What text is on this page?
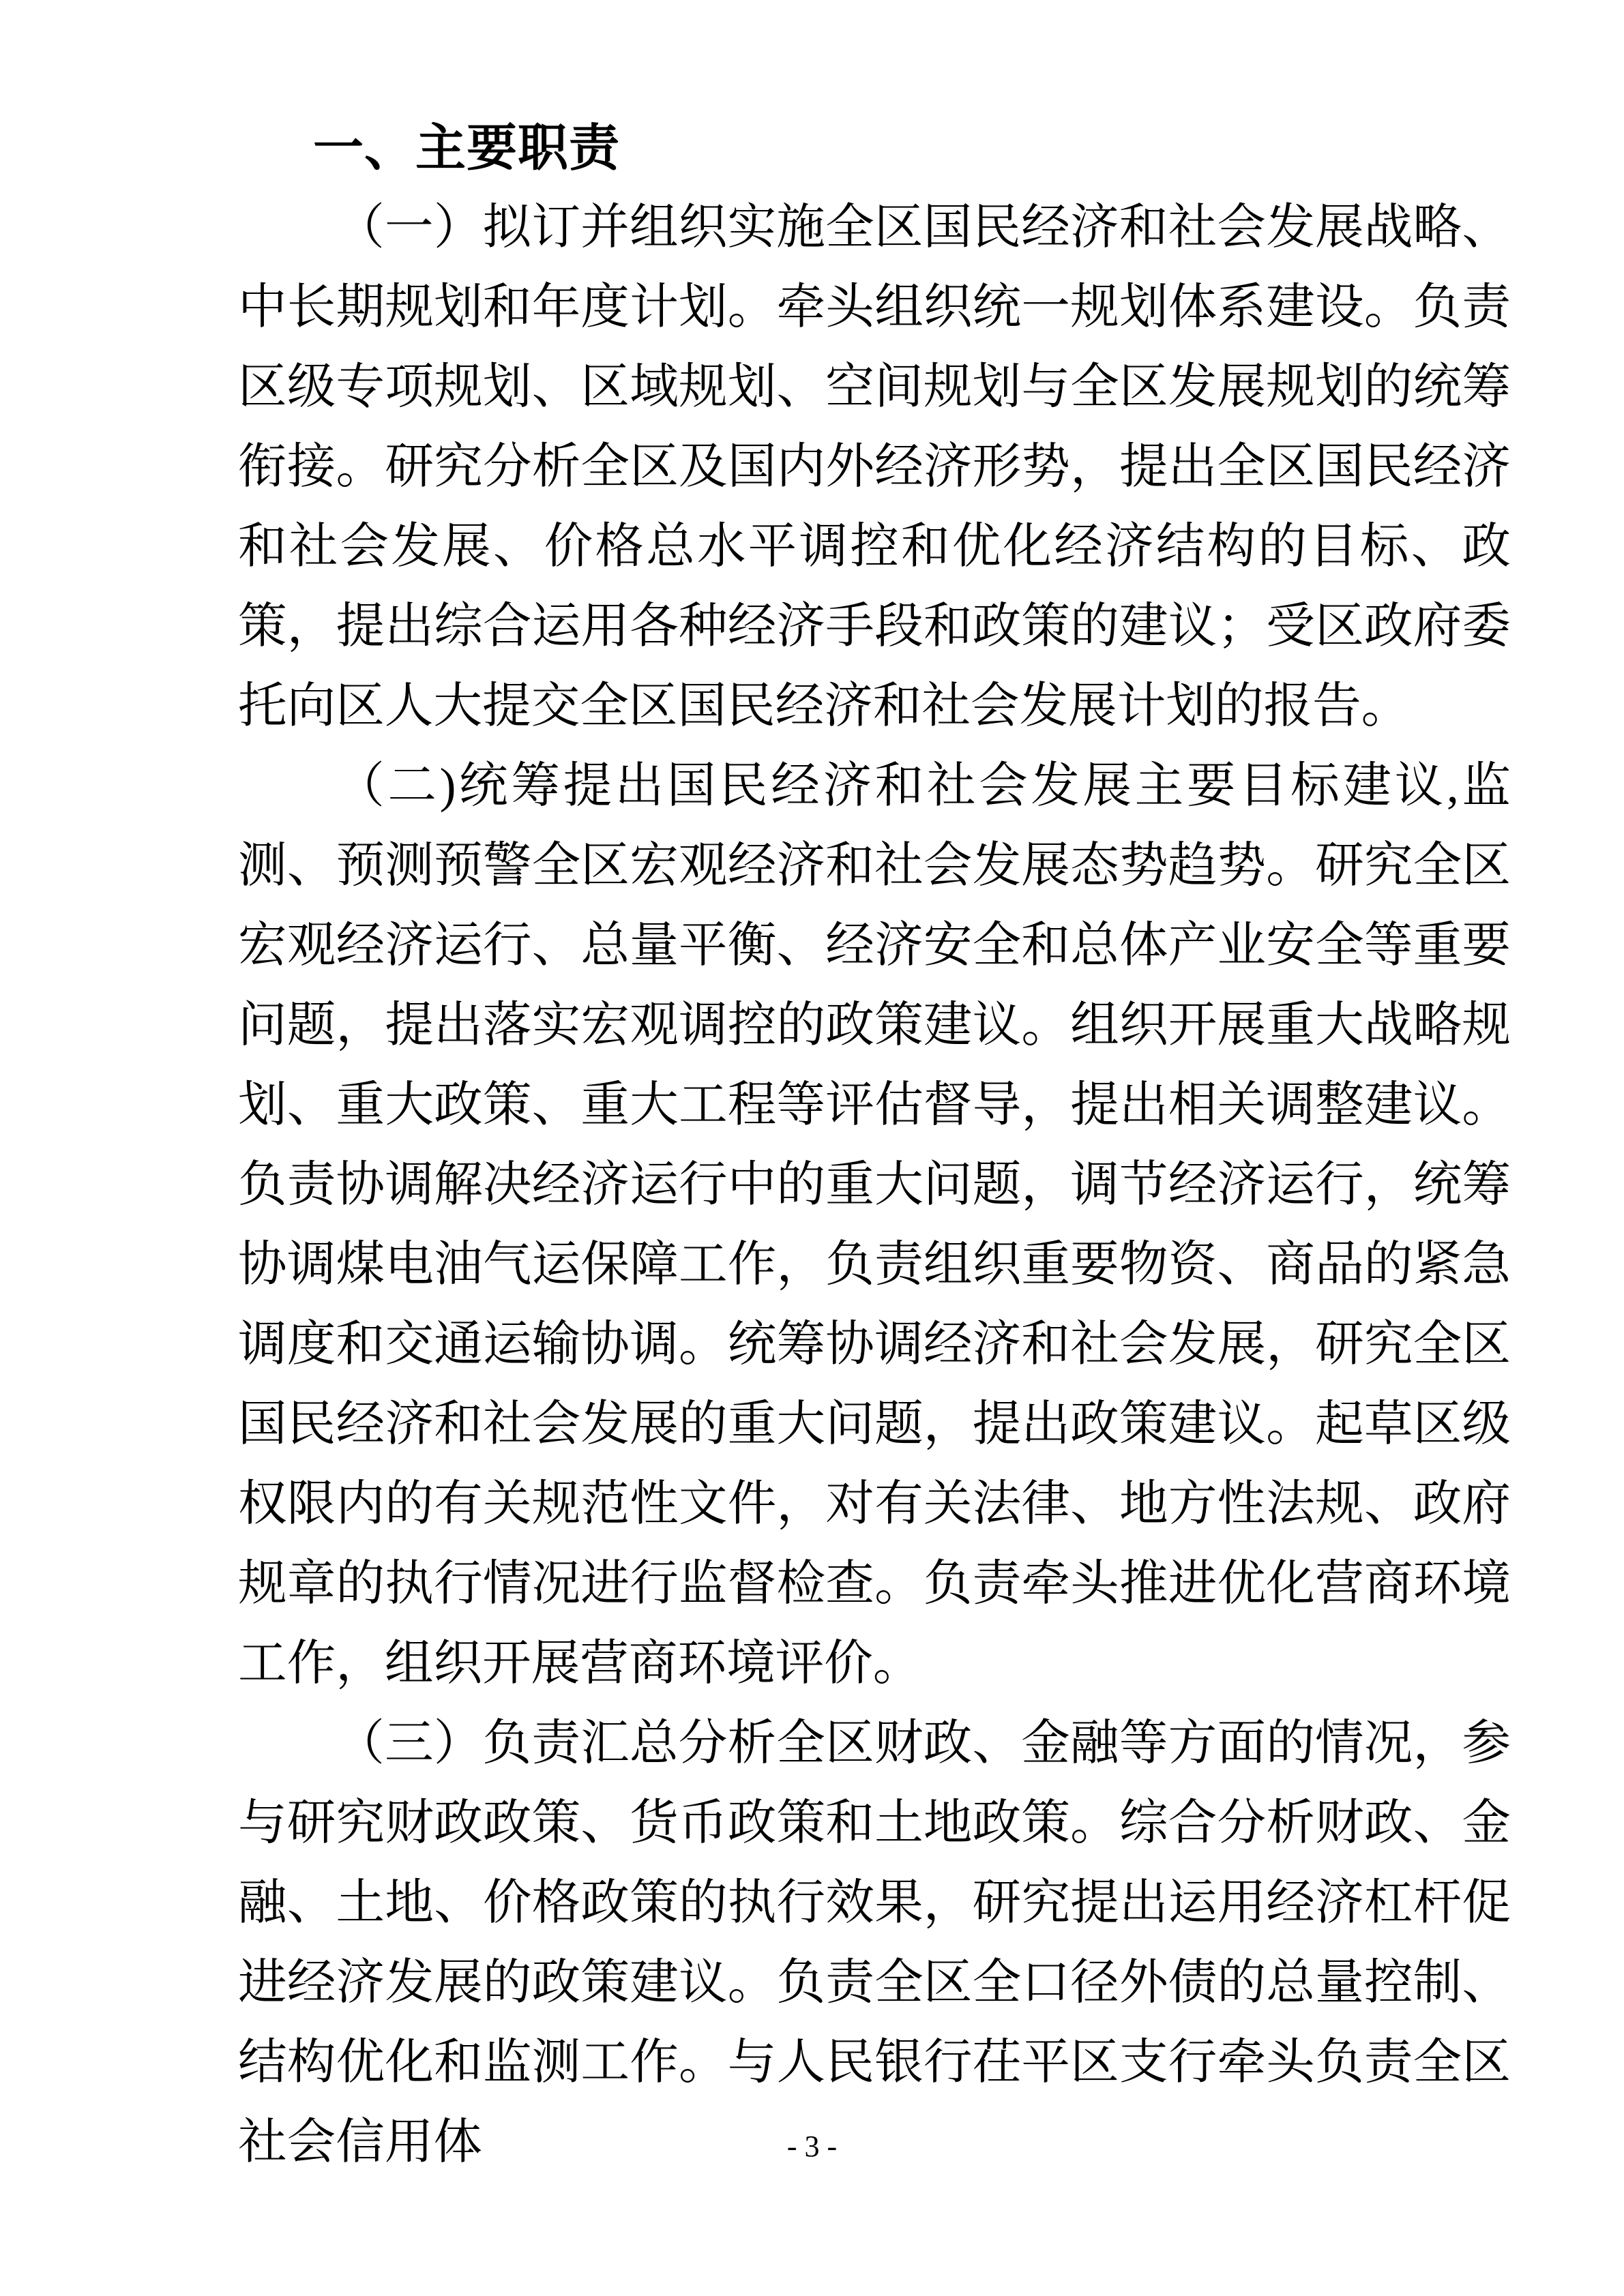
一、主要职责

（一）拟订并组织实施全区国民经济和社会发展战略、中长期规划和年度计划。牵头组织统一规划体系建设。负责区级专项规划、区域规划、空间规划与全区发展规划的统筹衔接。研究分析全区及国内外经济形势，提出全区国民经济和社会发展、价格总水平调控和优化经济结构的目标、政策，提出综合运用各种经济手段和政策的建议；受区政府委托向区人大提交全区国民经济和社会发展计划的报告。

（二)统筹提出国民经济和社会发展主要目标建议,监测、预测预警全区宏观经济和社会发展态势趋势。研究全区宏观经济运行、总量平衡、经济安全和总体产业安全等重要问题，提出落实宏观调控的政策建议。组织开展重大战略规划、重大政策、重大工程等评估督导，提出相关调整建议。负责协调解决经济运行中的重大问题，调节经济运行，统筹协调煤电油气运保障工作，负责组织重要物资、商品的紧急调度和交通运输协调。统筹协调经济和社会发展，研究全区国民经济和社会发展的重大问题，提出政策建议。起草区级权限内的有关规范性文件，对有关法律、地方性法规、政府规章的执行情况进行监督检查。负责牵头推进优化营商环境工作，组织开展营商环境评价。

（三）负责汇总分析全区财政、金融等方面的情况，参与研究财政政策、货币政策和土地政策。综合分析财政、金融、土地、价格政策的执行效果，研究提出运用经济杠杆促进经济发展的政策建议。负责全区全口径外债的总量控制、结构优化和监测工作。与人民银行茌平区支行牵头负责全区社会信用体	- 3 -
